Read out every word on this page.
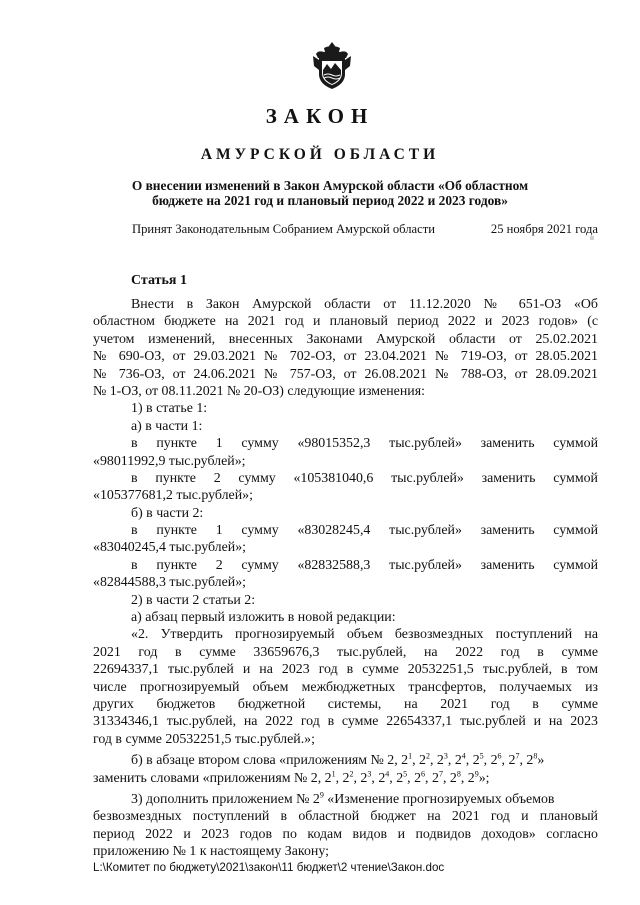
ЗАКОН
АМУРСКОЙ ОБЛАСТИ
О внесении изменений в Закон Амурской области «Об областном
бюджете на 2021 год и плановый период 2022 и 2023 годов»
Принят Законодательным Собранием Амурской области	25 ноября 2021 года
Статья 1
Внести в Закон Амурской области от 11.12.2020 № 651-ОЗ «Об
областном бюджете на 2021 год и плановый период 2022 и 2023 годов» (с
учетом изменений, внесенных Законами Амурской области от 25.02.2021
№ 690-ОЗ, от 29.03.2021 № 702-ОЗ, от 23.04.2021 № 719-ОЗ, от 28.05.2021
№ 736-ОЗ, от 24.06.2021 № 757-ОЗ, от 26.08.2021 № 788-ОЗ, от 28.09.2021
№ 1-ОЗ, от 08.11.2021 № 20-ОЗ) следующие изменения:
1) в статье 1:
а) в части 1:
в пункте 1 сумму «98015352,3 тыс.рублей» заменить суммой
«98011992,9 тыс.рублей»;
в пункте 2 сумму «105381040,6 тыс.рублей» заменить суммой
«105377681,2 тыс.рублей»;
б) в части 2:
в пункте 1 сумму «83028245,4 тыс.рублей» заменить суммой
«83040245,4 тыс.рублей»;
в пункте 2 сумму «82832588,3 тыс.рублей» заменить суммой
«82844588,3 тыс.рублей»;
2) в части 2 статьи 2:
а) абзац первый изложить в новой редакции:
«2. Утвердить прогнозируемый объем безвозмездных поступлений на
2021 год в сумме 33659676,3 тыс.рублей, на 2022 год в сумме
22694337,1 тыс.рублей и на 2023 год в сумме 20532251,5 тыс.рублей, в том
числе прогнозируемый объем межбюджетных трансфертов, получаемых из
других бюджетов бюджетной системы, на 2021 год в сумме
31334346,1 тыс.рублей, на 2022 год в сумме 22654337,1 тыс.рублей и на 2023
год в сумме 20532251,5 тыс.рублей.»;
б) в абзаце втором слова «приложениям № 2, $2^1$, $2^2$, $2^3$, $2^4$, $2^5$, $2^6$, $2^7$, $2^8$»
заменить словами «приложениям № 2, $2^1$, $2^2$, $2^3$, $2^4$, $2^5$, $2^6$, $2^7$, $2^8$, $2^9$»;
3) дополнить приложением № $2^9$ «Изменение прогнозируемых объемов
безвозмездных поступлений в областной бюджет на 2021 год и плановый
период 2022 и 2023 годов по кодам видов и подвидов доходов» согласно
приложению № 1 к настоящему Закону;
L:\Комитет по бюджету\2021\закон\11 бюджет\2 чтение\Закон.doc
